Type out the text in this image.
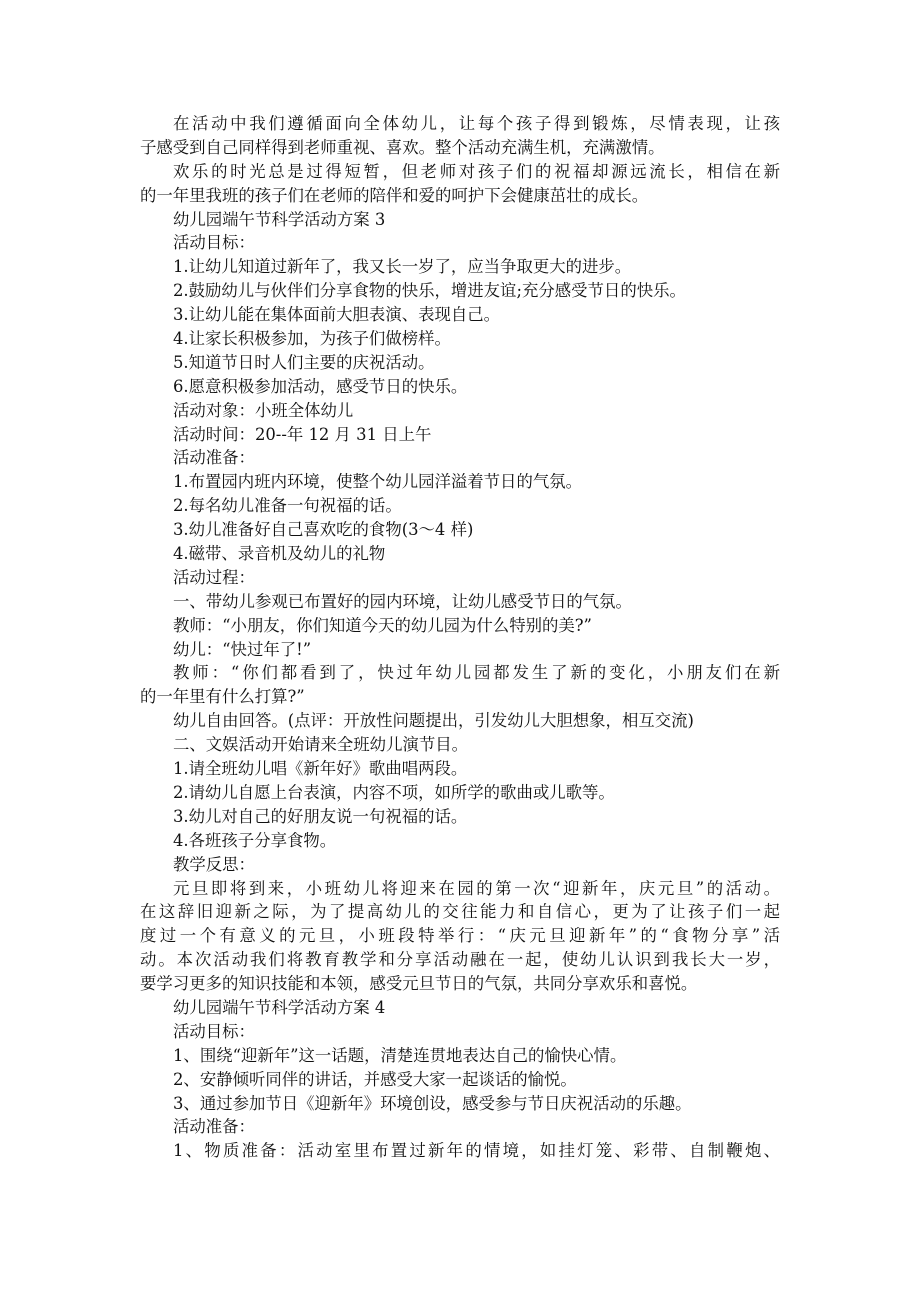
在活动中我们遵循面向全体幼儿，让每个孩子得到锻炼，尽情表现，让孩
子感受到自己同样得到老师重视、喜欢。整个活动充满生机，充满激情。
欢乐的时光总是过得短暂，但老师对孩子们的祝福却源远流长，相信在新
的一年里我班的孩子们在老师的陪伴和爱的呵护下会健康茁壮的成长。
幼儿园端午节科学活动方案 3
活动目标：
1.让幼儿知道过新年了，我又长一岁了，应当争取更大的进步。
2.鼓励幼儿与伙伴们分享食物的快乐，增进友谊;充分感受节日的快乐。
3.让幼儿能在集体面前大胆表演、表现自己。
4.让家长积极参加，为孩子们做榜样。
5.知道节日时人们主要的庆祝活动。
6.愿意积极参加活动，感受节日的快乐。
活动对象：小班全体幼儿
活动时间：20--年 12 月 31 日上午
活动准备：
1.布置园内班内环境，使整个幼儿园洋溢着节日的气氛。
2.每名幼儿准备一句祝福的话。
3.幼儿准备好自己喜欢吃的食物(3～4 样)
4.磁带、录音机及幼儿的礼物
活动过程：
一、带幼儿参观已布置好的园内环境，让幼儿感受节日的气氛。
教师：“小朋友，你们知道今天的幼儿园为什么特别的美?”
幼儿：“快过年了!”
教师：“你们都看到了，快过年幼儿园都发生了新的变化，小朋友们在新
的一年里有什么打算?”
幼儿自由回答。(点评：开放性问题提出，引发幼儿大胆想象，相互交流)
二、文娱活动开始请来全班幼儿演节目。
1.请全班幼儿唱《新年好》歌曲唱两段。
2.请幼儿自愿上台表演，内容不项，如所学的歌曲或儿歌等。
3.幼儿对自己的好朋友说一句祝福的话。
4.各班孩子分享食物。
教学反思：
元旦即将到来，小班幼儿将迎来在园的第一次“迎新年，庆元旦”的活动。
在这辞旧迎新之际，为了提高幼儿的交往能力和自信心，更为了让孩子们一起
度过一个有意义的元旦，小班段特举行：“庆元旦迎新年”的“食物分享”活
动。本次活动我们将教育教学和分享活动融在一起，使幼儿认识到我长大一岁，
要学习更多的知识技能和本领，感受元旦节日的气氛，共同分享欢乐和喜悦。
幼儿园端午节科学活动方案 4
活动目标：
1、围绕“迎新年”这一话题，清楚连贯地表达自己的愉快心情。
2、安静倾听同伴的讲话，并感受大家一起谈话的愉悦。
3、通过参加节日《迎新年》环境创设，感受参与节日庆祝活动的乐趣。
活动准备：
1、物质准备：活动室里布置过新年的情境，如挂灯笼、彩带、自制鞭炮、
